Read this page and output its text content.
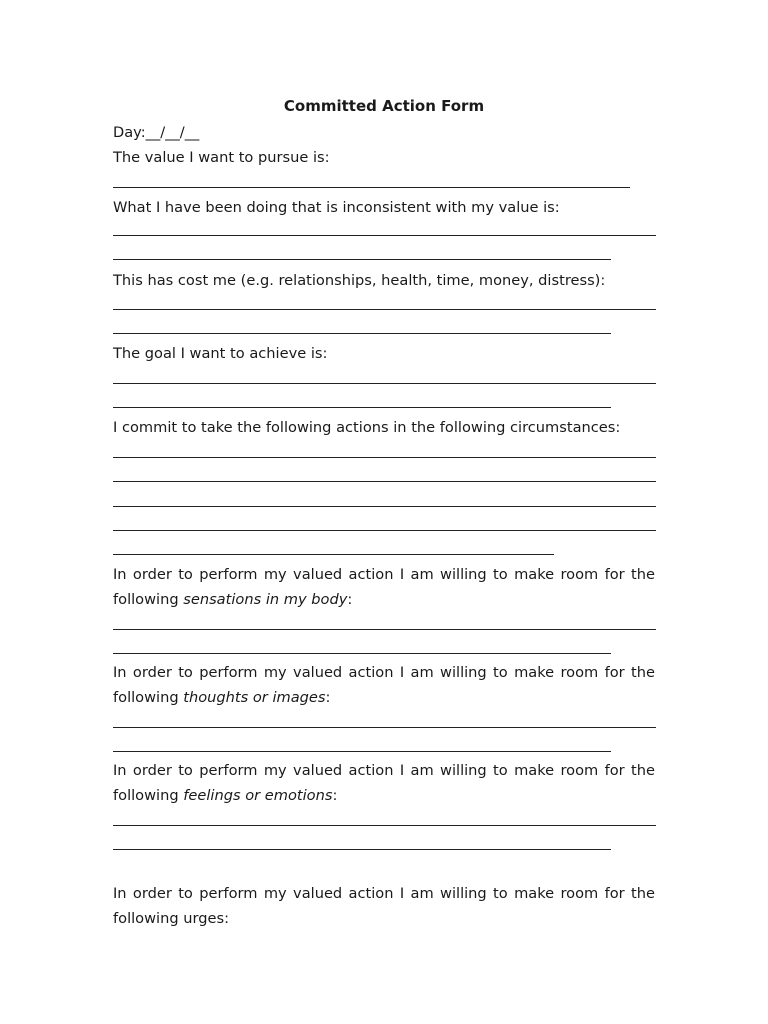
Committed Action Form
Day:__/__/__
The value I want to pursue is:
What I have been doing that is inconsistent with my value is:
This has cost me (e.g. relationships, health, time, money, distress):
The goal I want to achieve is:
I commit to take the following actions in the following circumstances:
In order to perform my valued action I am willing to make room for the following sensations in my body:
In order to perform my valued action I am willing to make room for the following thoughts or images:
In order to perform my valued action I am willing to make room for the following feelings or emotions:
In order to perform my valued action I am willing to make room for the following urges:
